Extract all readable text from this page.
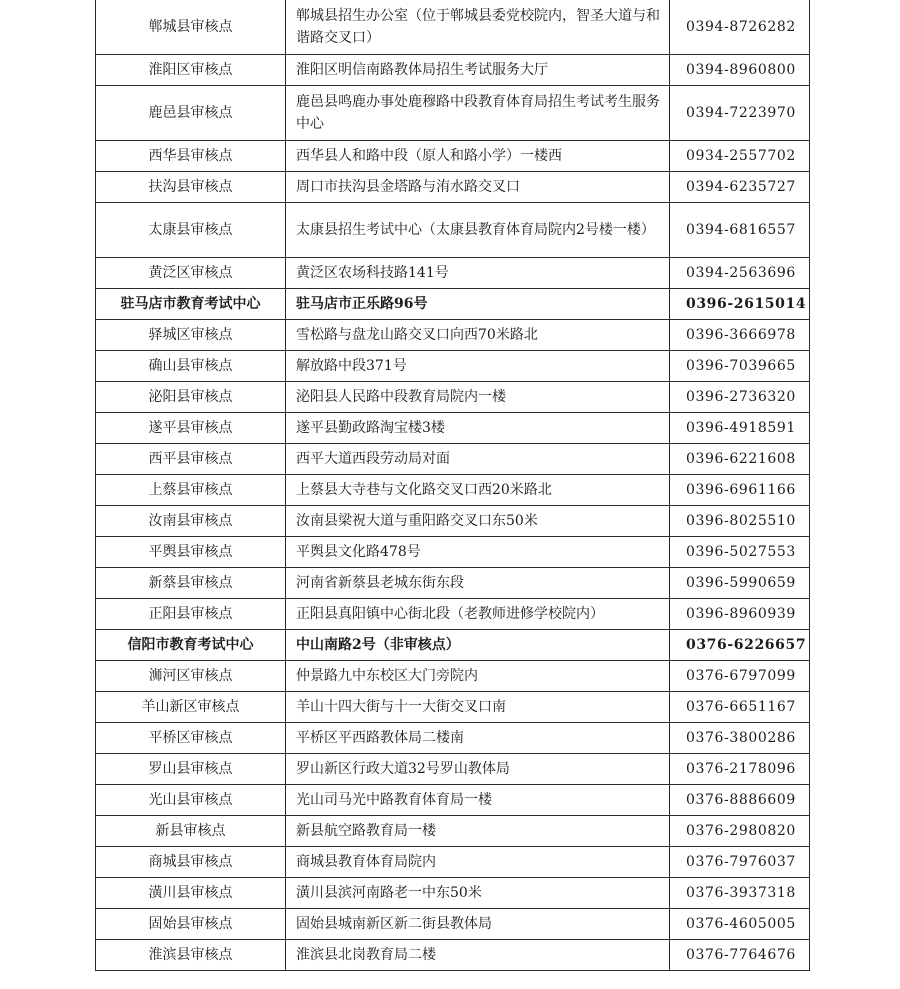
郸城县审核点	郸城县招生办公室（位于郸城县委党校院内，智圣大道与和谐路交叉口）	0394-8726282
淮阳区审核点	淮阳区明信南路教体局招生考试服务大厅	0394-8960800
鹿邑县审核点	鹿邑县鸣鹿办事处鹿穆路中段教育体育局招生考试考生服务中心	0394-7223970
西华县审核点	西华县人和路中段（原人和路小学）一楼西	0934-2557702
扶沟县审核点	周口市扶沟县金塔路与洧水路交叉口	0394-6235727
太康县审核点	太康县招生考试中心（太康县教育体育局院内2号楼一楼）	0394-6816557
黄泛区审核点	黄泛区农场科技路141号	0394-2563696
驻马店市教育考试中心	驻马店市正乐路96号	0396-2615014
驿城区审核点	雪松路与盘龙山路交叉口向西70米路北	0396-3666978
确山县审核点	解放路中段371号	0396-7039665
泌阳县审核点	泌阳县人民路中段教育局院内一楼	0396-2736320
遂平县审核点	遂平县勤政路淘宝楼3楼	0396-4918591
西平县审核点	西平大道西段劳动局对面	0396-6221608
上蔡县审核点	上蔡县大寺巷与文化路交叉口西20米路北	0396-6961166
汝南县审核点	汝南县梁祝大道与重阳路交叉口东50米	0396-8025510
平舆县审核点	平舆县文化路478号	0396-5027553
新蔡县审核点	河南省新蔡县老城东街东段	0396-5990659
正阳县审核点	正阳县真阳镇中心街北段（老教师进修学校院内）	0396-8960939
信阳市教育考试中心	中山南路2号（非审核点）	0376-6226657
浉河区审核点	仲景路九中东校区大门旁院内	0376-6797099
羊山新区审核点	羊山十四大街与十一大街交叉口南	0376-6651167
平桥区审核点	平桥区平西路教体局二楼南	0376-3800286
罗山县审核点	罗山新区行政大道32号罗山教体局	0376-2178096
光山县审核点	光山司马光中路教育体育局一楼	0376-8886609
新县审核点	新县航空路教育局一楼	0376-2980820
商城县审核点	商城县教育体育局院内	0376-7976037
潢川县审核点	潢川县滨河南路老一中东50米	0376-3937318
固始县审核点	固始县城南新区新二街县教体局	0376-4605005
淮滨县审核点	淮滨县北岗教育局二楼	0376-7764676
